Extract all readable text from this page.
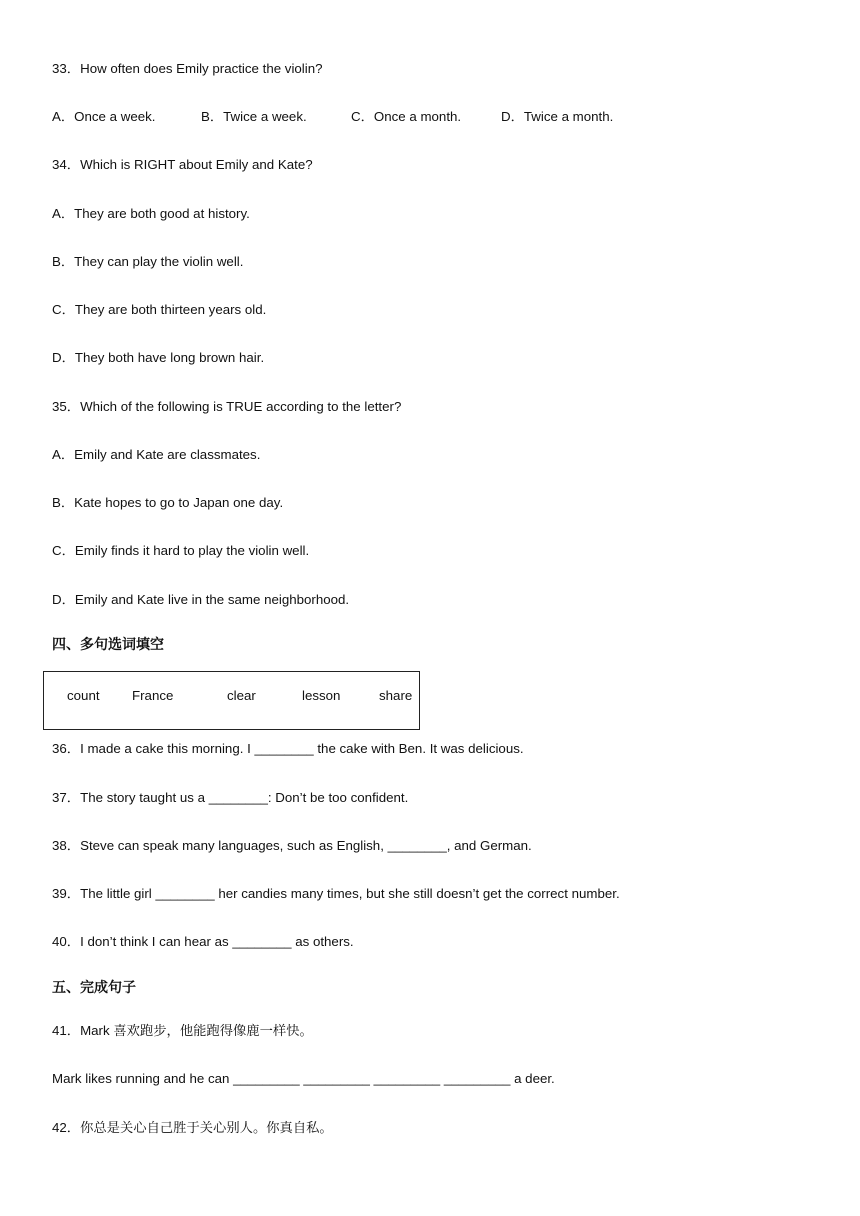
33．How often does Emily practice the violin?
A．Once a week.	B．Twice a week.	C．Once a month.	D．Twice a month.
34．Which is RIGHT about Emily and Kate?
A．They are both good at history.
B．They can play the violin well.
C．They are both thirteen years old.
D．They both have long brown hair.
35．Which of the following is TRUE according to the letter?
A．Emily and Kate are classmates.
B．Kate hopes to go to Japan one day.
C．Emily finds it hard to play the violin well.
D．Emily and Kate live in the same neighborhood.
四、多句选词填空
count France	clear	lesson	share
36．I made a cake this morning. I ________ the cake with Ben. It was delicious.
37．The story taught us a ________: Don’t be too confident.
38．Steve can speak many languages, such as English, ________, and German.
39．The little girl ________ her candies many times, but she still doesn’t get the correct number.
40．I don’t think I can hear as ________ as others.
五、完成句子
41．Mark 喜欢跑步，他能跑得像鹿一样快。
Mark likes running and he can _________ _________ _________ _________ a deer.
42．你总是关心自己胜于关心别人。你真自私。
